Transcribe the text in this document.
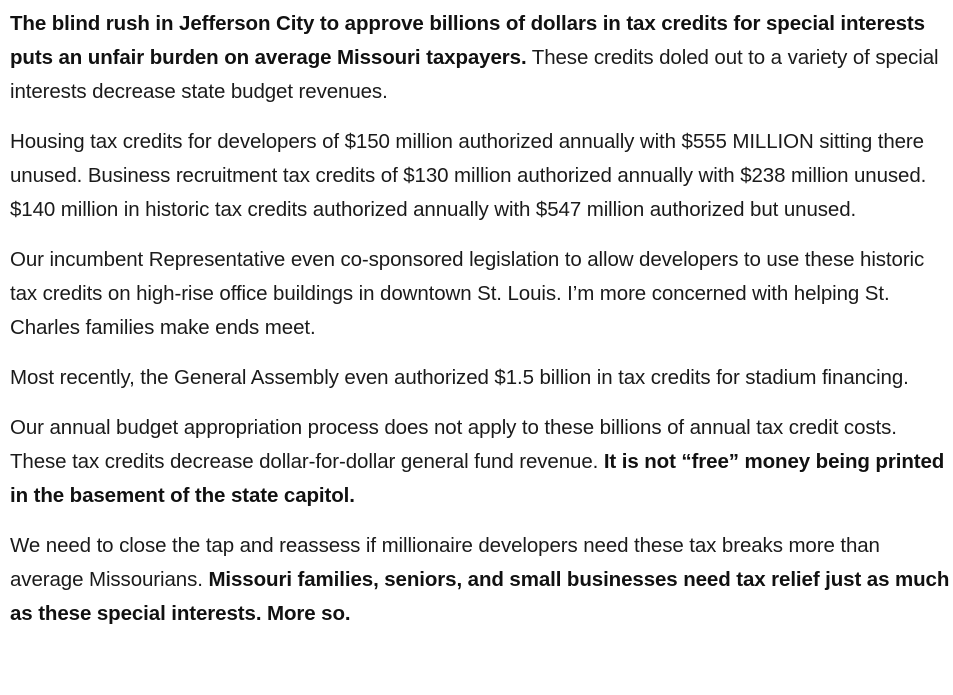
The blind rush in Jefferson City to approve billions of dollars in tax credits for special interests puts an unfair burden on average Missouri taxpayers. These credits doled out to a variety of special interests decrease state budget revenues.

Housing tax credits for developers of $150 million authorized annually with $555 MILLION sitting there unused. Business recruitment tax credits of $130 million authorized annually with $238 million unused. $140 million in historic tax credits authorized annually with $547 million authorized but unused.

Our incumbent Representative even co-sponsored legislation to allow developers to use these historic tax credits on high-rise office buildings in downtown St. Louis. I’m more concerned with helping St. Charles families make ends meet.

Most recently, the General Assembly even authorized $1.5 billion in tax credits for stadium financing.

Our annual budget appropriation process does not apply to these billions of annual tax credit costs. These tax credits decrease dollar-for-dollar general fund revenue. It is not “free” money being printed in the basement of the state capitol.

We need to close the tap and reassess if millionaire developers need these tax breaks more than average Missourians. Missouri families, seniors, and small businesses need tax relief just as much as these special interests. More so.
